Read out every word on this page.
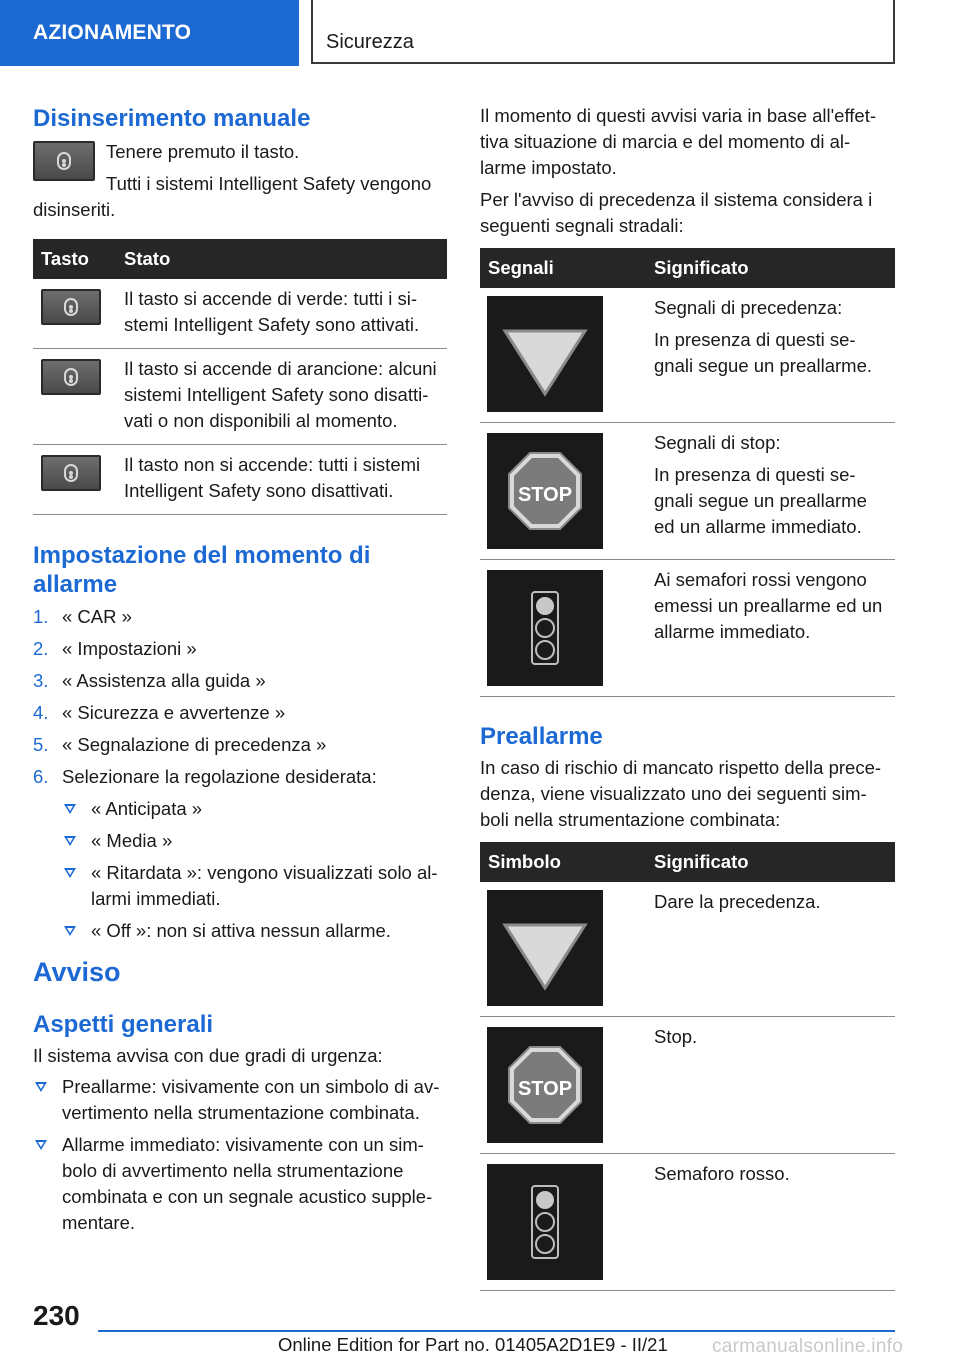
AZIONAMENTO	Sicurezza
Disinserimento manuale

Tenere premuto il tasto.

Tutti i sistemi Intelligent Safety vengono disinseriti.

Tasto	Stato

	Il tasto si accende di verde: tutti i si-stemi Intelligent Safety sono attivati.

	Il tasto si accende di arancione: alcuni sistemi Intelligent Safety sono disatti-vati o non disponibili al momento.

	Il tasto non si accende: tutti i sistemi Intelligent Safety sono disattivati.
Impostazione del momento di allarme
1. « CAR »
2. « Impostazioni »
3. « Assistenza alla guida »
4. « Sicurezza e avvertenze »
5. « Segnalazione di precedenza »
6. Selezionare la regolazione desiderata:
« Anticipata »
« Media »
« Ritardata »: vengono visualizzati solo al-larmi immediati.
« Off »: non si attiva nessun allarme.
Avviso
Aspetti generali

Il sistema avvisa con due gradi di urgenza:

Preallarme: visivamente con un simbolo di av-vertimento nella strumentazione combinata.
Allarme immediato: visivamente con un sim-bolo di avvertimento nella strumentazione combinata e con un segnale acustico supple-mentare.

Il momento di questi avvisi varia in base all'effet-tiva situazione di marcia e del momento di al-larme impostato.

Per l'avviso di precedenza il sistema considera i seguenti segnali stradali:

Segnali	Significato

Segnali di precedenza:
In presenza di questi se-gnali segue un preallarme.

STOP	Segnali di stop:
In presenza di questi se-gnali segue un preallarme ed un allarme immediato.

Ai semafori rossi vengono emessi un preallarme ed un allarme immediato.
Preallarme

In caso di rischio di mancato rispetto della prece-denza, viene visualizzato uno dei seguenti sim-boli nella strumentazione combinata:

Simbolo	Significato

	Dare la precedenza.

STOP	Stop.

	Semaforo rosso.
230
Online Edition for Part no. 01405A2D1E9 - II/21 carmanualsonline.info
